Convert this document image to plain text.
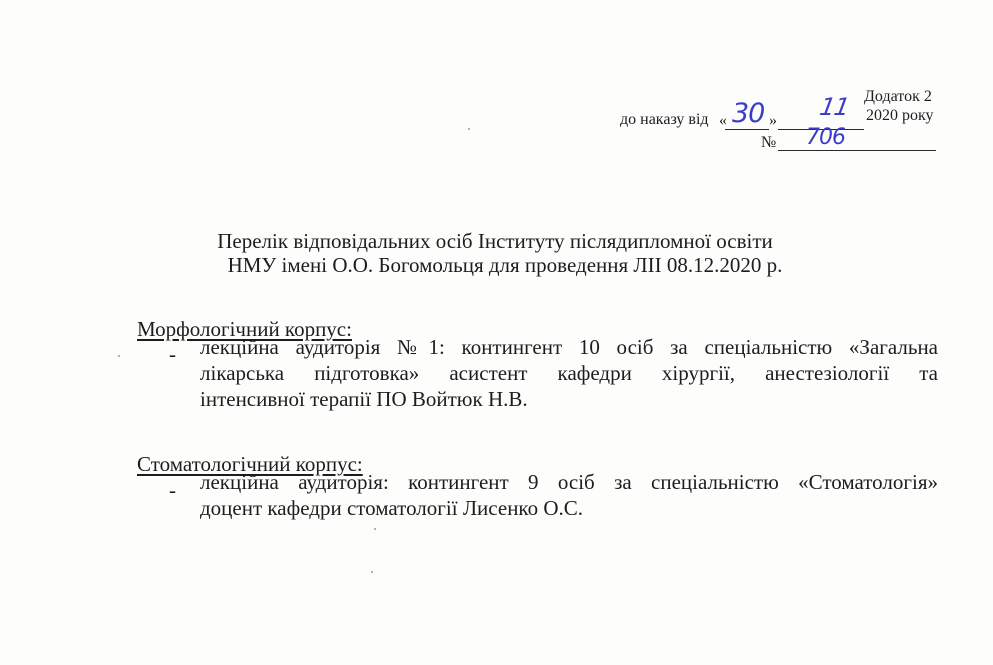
Додаток 2
до наказу від « 30 » 11 2020 року
№ 706
Перелік відповідальних осіб Інституту післядипломної освіти
НМУ імені О.О. Богомольця для проведення ЛІІ 08.12.2020 р.
Морфологічний корпус:
- лекційна аудиторія №1: контингент 10 осіб за спеціальністю «Загальна
лікарська підготовка» асистент кафедри хірургії, анестезіології та
інтенсивної терапії ПО Войтюк Н.В.
Стоматологічний корпус:
- лекційна аудиторія: контингент 9 осіб за спеціальністю «Стоматологія»
доцент кафедри стоматології Лисенко О.С.
